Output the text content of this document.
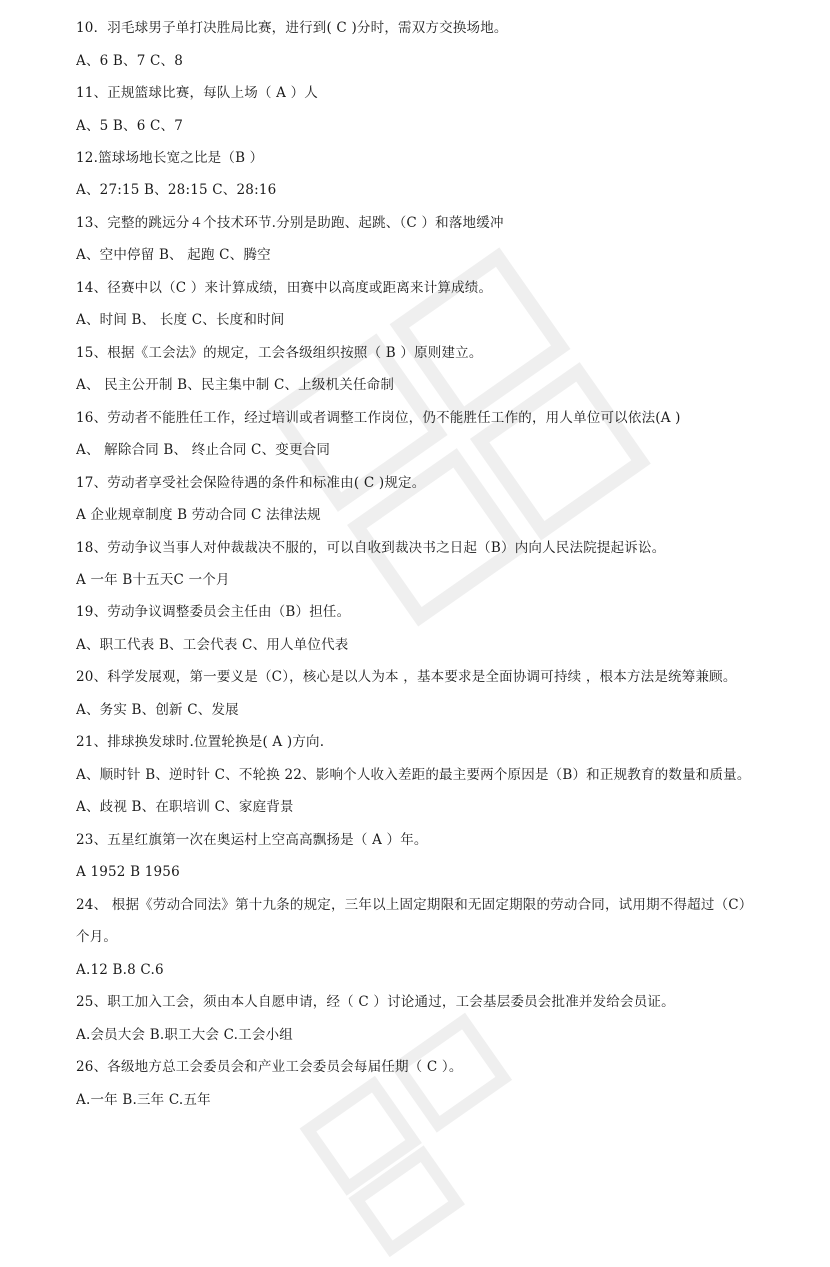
10．羽毛球男子单打决胜局比赛，进行到( C )分时，需双方交换场地。
A、6 B、7 C、8
11、正规篮球比赛，每队上场（ A ）人
A、5 B、6 C、7
12.篮球场地长宽之比是（B ）
A、27:15 B、28:15 C、28:16
13、完整的跳远分４个技术环节.分别是助跑、起跳、（C ）和落地缓冲
A、空中停留 B、 起跑 C、腾空
14、径赛中以（C ）来计算成绩，田赛中以高度或距离来计算成绩。
A、时间 B、 长度 C、长度和时间
15、根据《工会法》的规定，工会各级组织按照（ B ）原则建立。
A、 民主公开制 B、民主集中制 C、上级机关任命制
16、劳动者不能胜任工作，经过培训或者调整工作岗位，仍不能胜任工作的，用人单位可以依法(A )
A、 解除合同 B、 终止合同 C、变更合同
17、劳动者享受社会保险待遇的条件和标准由( C )规定。
A 企业规章制度 B 劳动合同 C 法律法规
18、劳动争议当事人对仲裁裁决不服的，可以自收到裁决书之日起（B）内向人民法院提起诉讼。
A 一年 B十五天C 一个月
19、劳动争议调整委员会主任由（B）担任。
A、职工代表 B、工会代表 C、用人单位代表
20、科学发展观，第一要义是（C），核心是以人为本 ，基本要求是全面协调可持续 ，根本方法是统筹兼顾。
A、务实 B、创新 C、发展
21、排球换发球时.位置轮换是( A )方向.
A、顺时针 B、逆时针 C、不轮换 22、影响个人收入差距的最主要两个原因是（B）和正规教育的数量和质量。
A、歧视 B、在职培训 C、家庭背景
23、五星红旗第一次在奥运村上空高高飘扬是（ A ）年。
A 1952 B 1956
24、 根据《劳动合同法》第十九条的规定，三年以上固定期限和无固定期限的劳动合同，试用期不得超过（C）
个月。
A.12 B.8 C.6
25、职工加入工会，须由本人自愿申请，经（ C ）讨论通过，工会基层委员会批准并发给会员证。
A.会员大会 B.职工大会 C.工会小组
26、各级地方总工会委员会和产业工会委员会每届任期（ C ）。
A.一年 B.三年 C.五年
